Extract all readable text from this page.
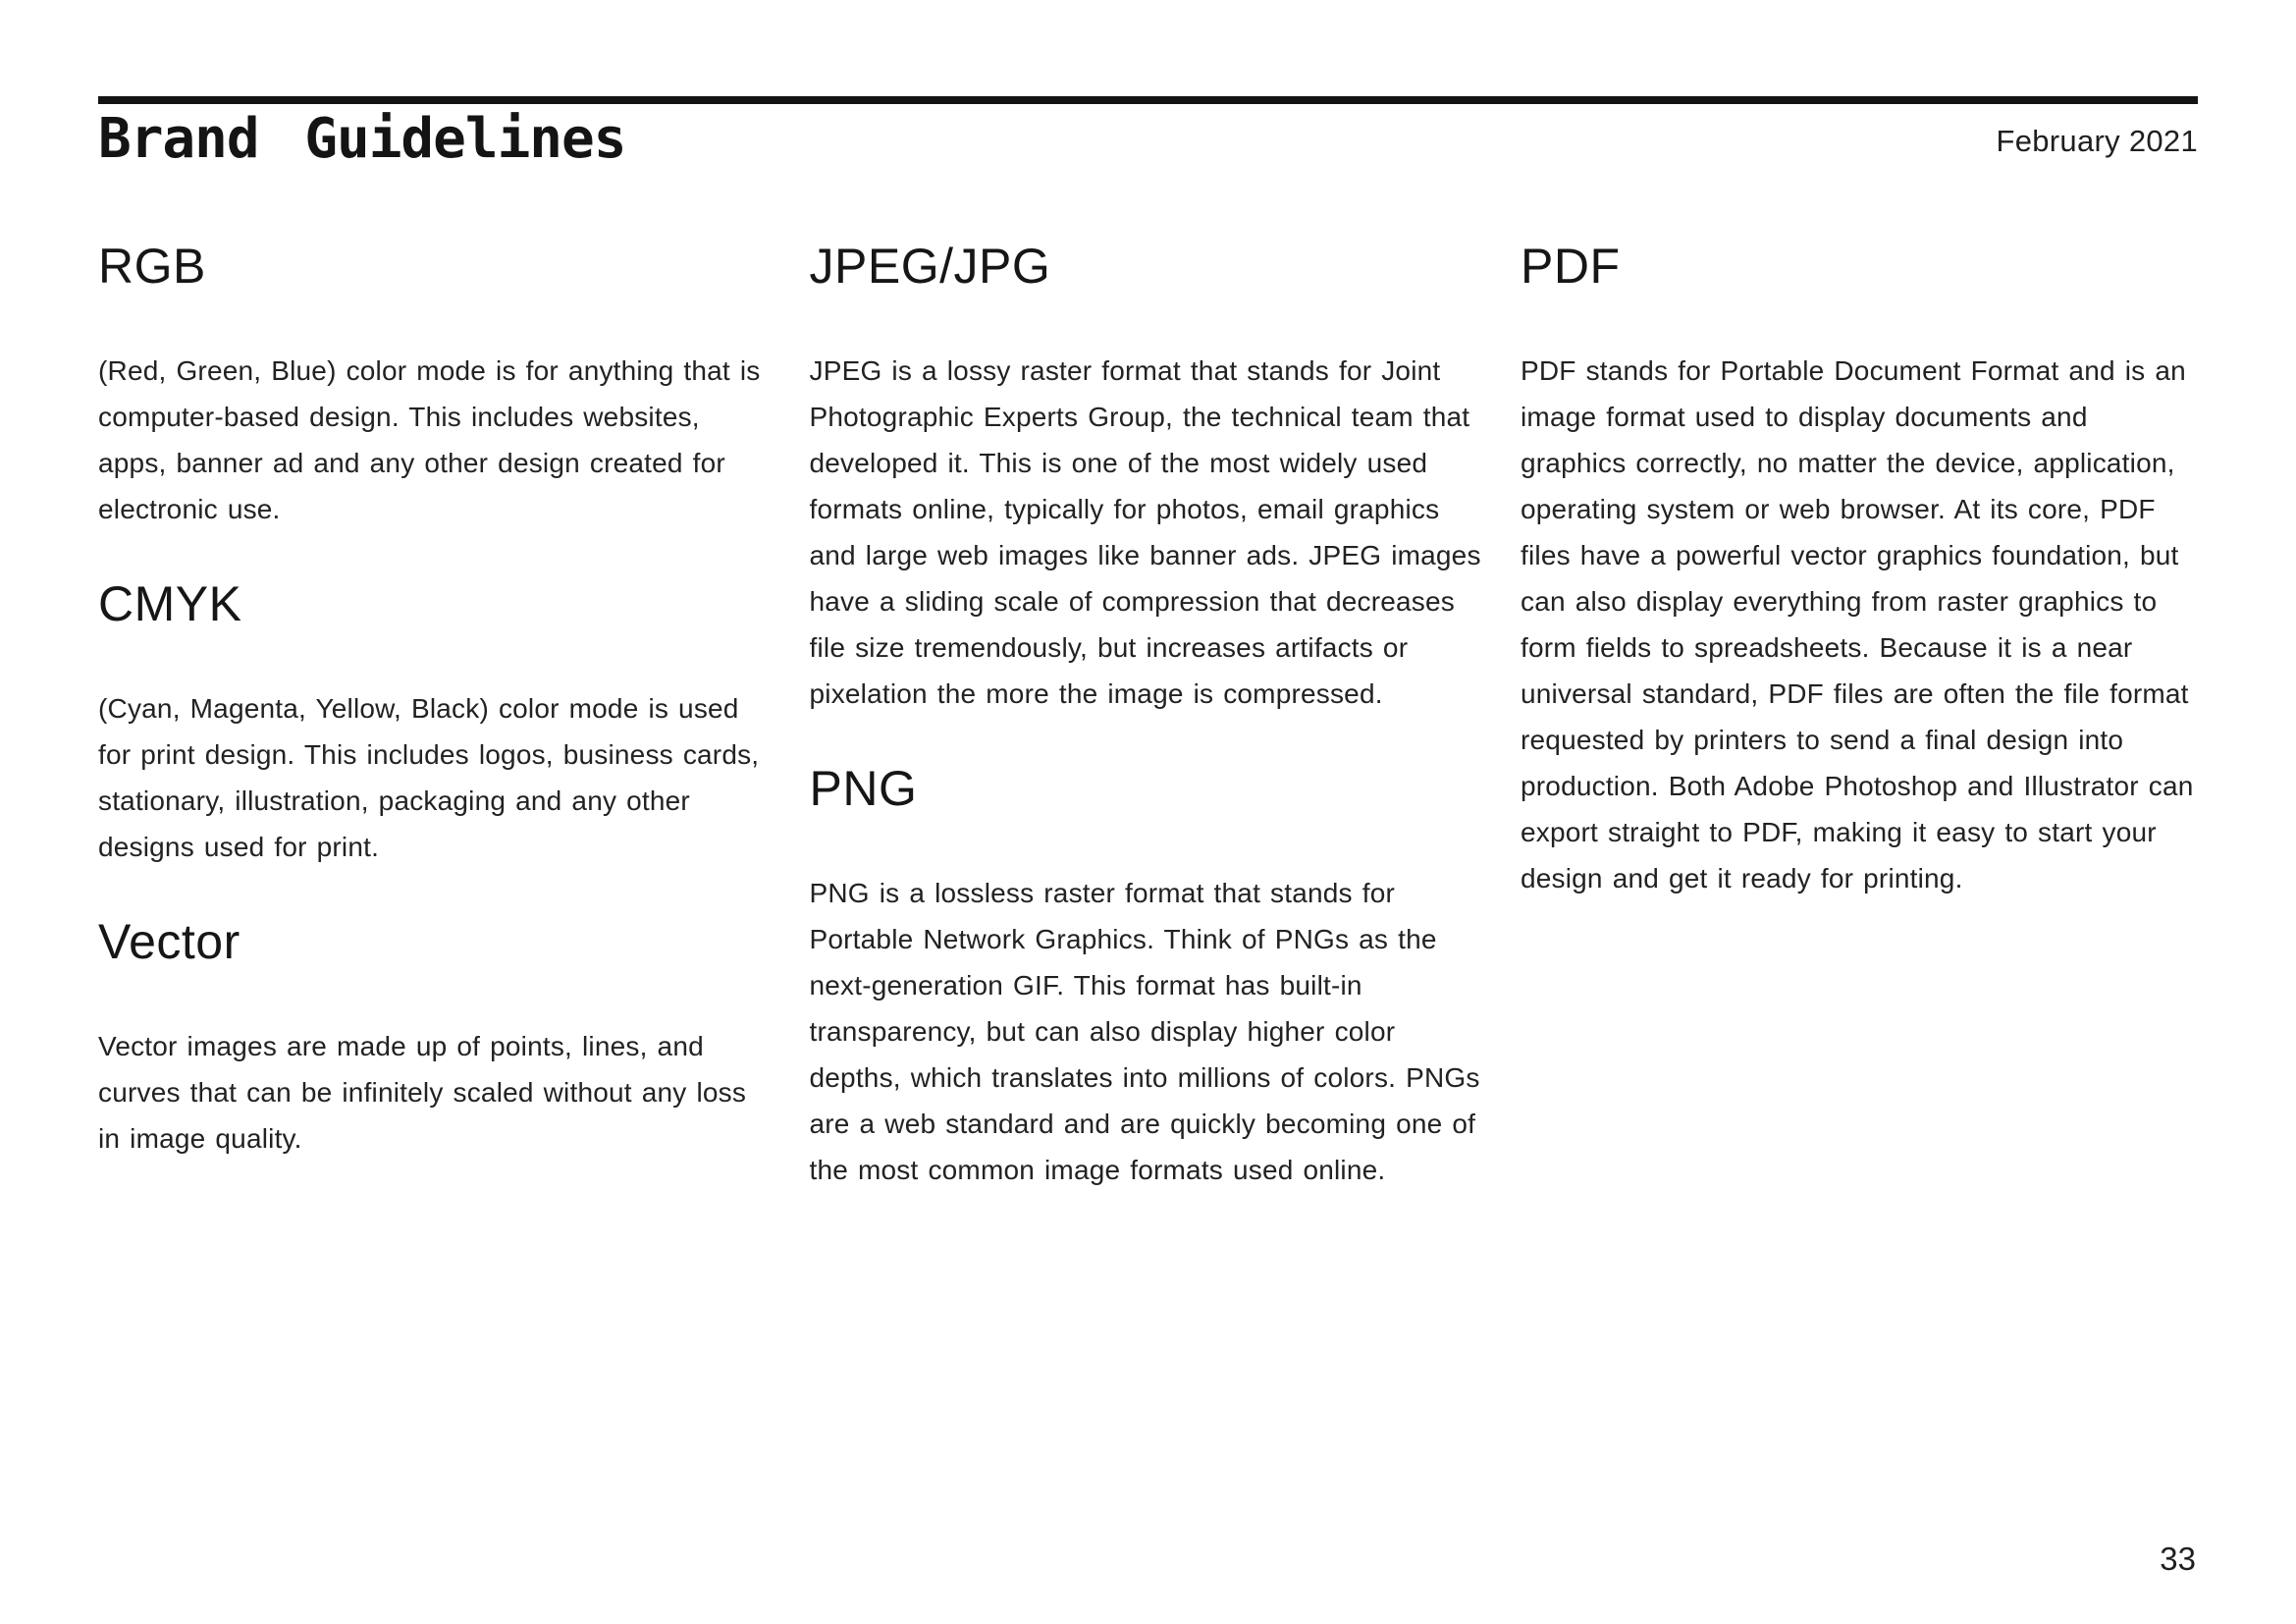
Brand Guidelines	February 2021
RGB

(Red, Green, Blue) color mode is for anything that is computer-based design. This includes websites, apps, banner ad and any other design created for electronic use.

CMYK

(Cyan, Magenta, Yellow, Black) color mode is used for print design. This includes logos, business cards, stationary, illustration, packaging and any other designs used for print.

Vector

Vector images are made up of points, lines, and curves that can be infinitely scaled without any loss in image quality.

JPEG/JPG

JPEG is a lossy raster format that stands for Joint Photographic Experts Group, the technical team that developed it. This is one of the most widely used formats online, typically for photos, email graphics and large web images like banner ads. JPEG images have a sliding scale of compression that decreases file size tremendously, but increases artifacts or pixelation the more the image is compressed.

PNG

PNG is a lossless raster format that stands for Portable Network Graphics. Think of PNGs as the next-generation GIF. This format has built-in transparency, but can also display higher color depths, which translates into millions of colors. PNGs are a web standard and are quickly becoming one of the most common image formats used online.

PDF

PDF stands for Portable Document Format and is an image format used to display documents and graphics correctly, no matter the device, application, operating system or web browser. At its core, PDF files have a powerful vector graphics foundation, but can also display everything from raster graphics to form fields to spreadsheets. Because it is a near universal standard, PDF files are often the file format requested by printers to send a final design into production. Both Adobe Photoshop and Illustrator can export straight to PDF, making it easy to start your design and get it ready for printing.

33
